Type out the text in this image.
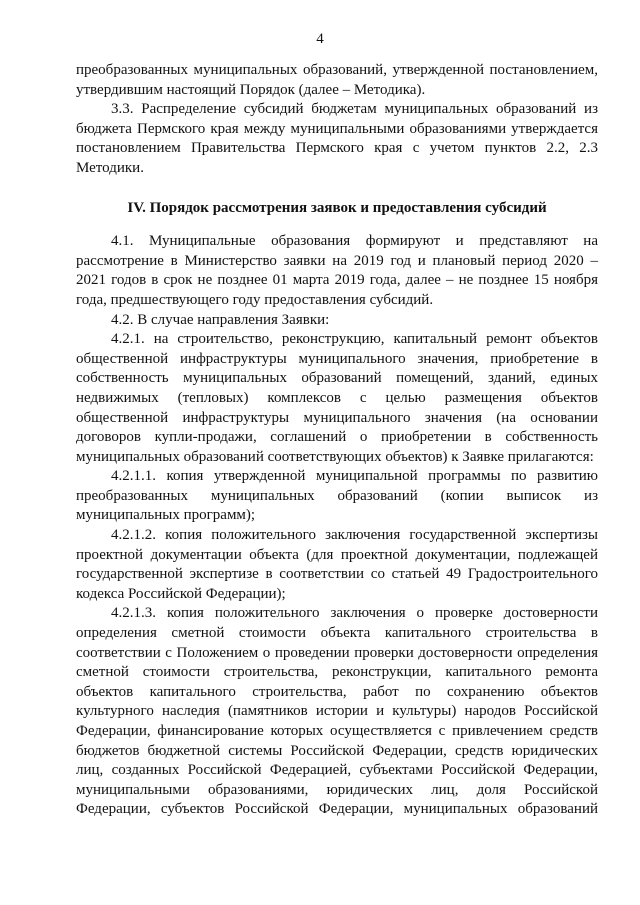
4

преобразованных муниципальных образований, утвержденной постановлением, утвердившим настоящий Порядок (далее – Методика).

3.3. Распределение субсидий бюджетам муниципальных образований из бюджета Пермского края между муниципальными образованиями утверждается постановлением Правительства Пермского края с учетом пунктов 2.2, 2.3 Методики.

IV. Порядок рассмотрения заявок и предоставления субсидий

4.1. Муниципальные образования формируют и представляют на рассмотрение в Министерство заявки на 2019 год и плановый период 2020 – 2021 годов в срок не позднее 01 марта 2019 года, далее – не позднее 15 ноября года, предшествующего году предоставления субсидий.

4.2. В случае направления Заявки:

4.2.1. на строительство, реконструкцию, капитальный ремонт объектов общественной инфраструктуры муниципального значения, приобретение в собственность муниципальных образований помещений, зданий, единых недвижимых (тепловых) комплексов с целью размещения объектов общественной инфраструктуры муниципального значения (на основании договоров купли-продажи, соглашений о приобретении в собственность муниципальных образований соответствующих объектов) к Заявке прилагаются:

4.2.1.1. копия утвержденной муниципальной программы по развитию преобразованных муниципальных образований (копии выписок из муниципальных программ);

4.2.1.2. копия положительного заключения государственной экспертизы проектной документации объекта (для проектной документации, подлежащей государственной экспертизе в соответствии со статьей 49 Градостроительного кодекса Российской Федерации);

4.2.1.3. копия положительного заключения о проверке достоверности определения сметной стоимости объекта капитального строительства в соответствии с Положением о проведении проверки достоверности определения сметной стоимости строительства, реконструкции, капитального ремонта объектов капитального строительства, работ по сохранению объектов культурного наследия (памятников истории и культуры) народов Российской Федерации, финансирование которых осуществляется с привлечением средств бюджетов бюджетной системы Российской Федерации, средств юридических лиц, созданных Российской Федерацией, субъектами Российской Федерации, муниципальными образованиями, юридических лиц, доля Российской Федерации, субъектов Российской Федерации, муниципальных образований
